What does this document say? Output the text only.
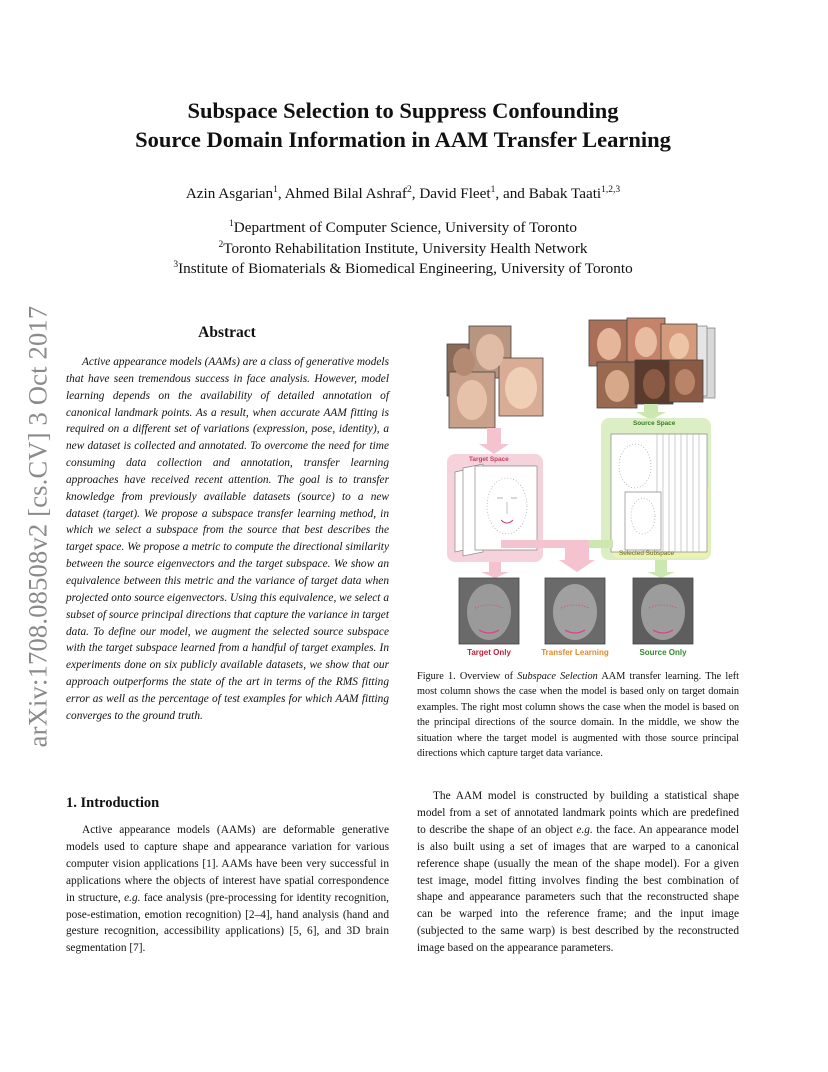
arXiv:1708.08508v2 [cs.CV] 3 Oct 2017
Subspace Selection to Suppress Confounding
Source Domain Information in AAM Transfer Learning
Azin Asgarian$^1$, Ahmed Bilal Ashraf$^2$, David Fleet$^1$, and Babak Taati$^{1,2,3}$
$^1$Department of Computer Science, University of Toronto
$^2$Toronto Rehabilitation Institute, University Health Network
$^3$Institute of Biomaterials & Biomedical Engineering, University of Toronto
Abstract
Active appearance models (AAMs) are a class of generative models that have seen tremendous success in face analysis. However, model learning depends on the availability of detailed annotation of canonical landmark points. As a result, when accurate AAM fitting is required on a different set of variations (expression, pose, identity), a new dataset is collected and annotated. To overcome the need for time consuming data collection and annotation, transfer learning approaches have received recent attention. The goal is to transfer knowledge from previously available datasets (source) to a new dataset (target). We propose a subspace transfer learning method, in which we select a subspace from the source that best describes the target space. We propose a metric to compute the directional similarity between the source eigenvectors and the target subspace. We show an equivalence between this metric and the variance of target data when projected onto source eigenvectors. Using this equivalence, we select a subset of source principal directions that capture the variance in target data. To define our model, we augment the selected source subspace with the target subspace learned from a handful of target examples. In experiments done on six publicly available datasets, we show that our approach outperforms the state of the art in terms of the RMS fitting error as well as the percentage of test examples for which AAM fitting converges to the ground truth.
1. Introduction
Active appearance models (AAMs) are deformable generative models used to capture shape and appearance variation for various computer vision applications [1]. AAMs have been very successful in applications where the objects of interest have spatial correspondence in structure, e.g. face analysis (pre-processing for identity recognition, pose-estimation, emotion recognition) [2–4], hand analysis (hand and gesture recognition, accessibility applications) [5, 6], and 3D brain segmentation [7].
The AAM model is constructed by building a statistical shape model from a set of annotated landmark points which are predefined to describe the shape of an object e.g. the face. An appearance model is also built using a set of images that are warped to a canonical reference shape (usually the mean of the shape model). For a given test image, model fitting involves finding the best combination of shape and appearance parameters such that the reconstructed shape can be warped into the reference frame; and the input image (subjected to the same warp) is best described by the reconstructed image based on the appearance parameters.
Target Space
Source Space
Selected Subspace
Target Only	Transfer Learning	Source Only
Figure 1. Overview of Subspace Selection AAM transfer learning. The left most column shows the case when the model is based only on target domain examples. The right most column shows the case when the model is based on the principal directions of the source domain. In the middle, we show the situation where the target model is augmented with those source principal directions which capture target data variance.
